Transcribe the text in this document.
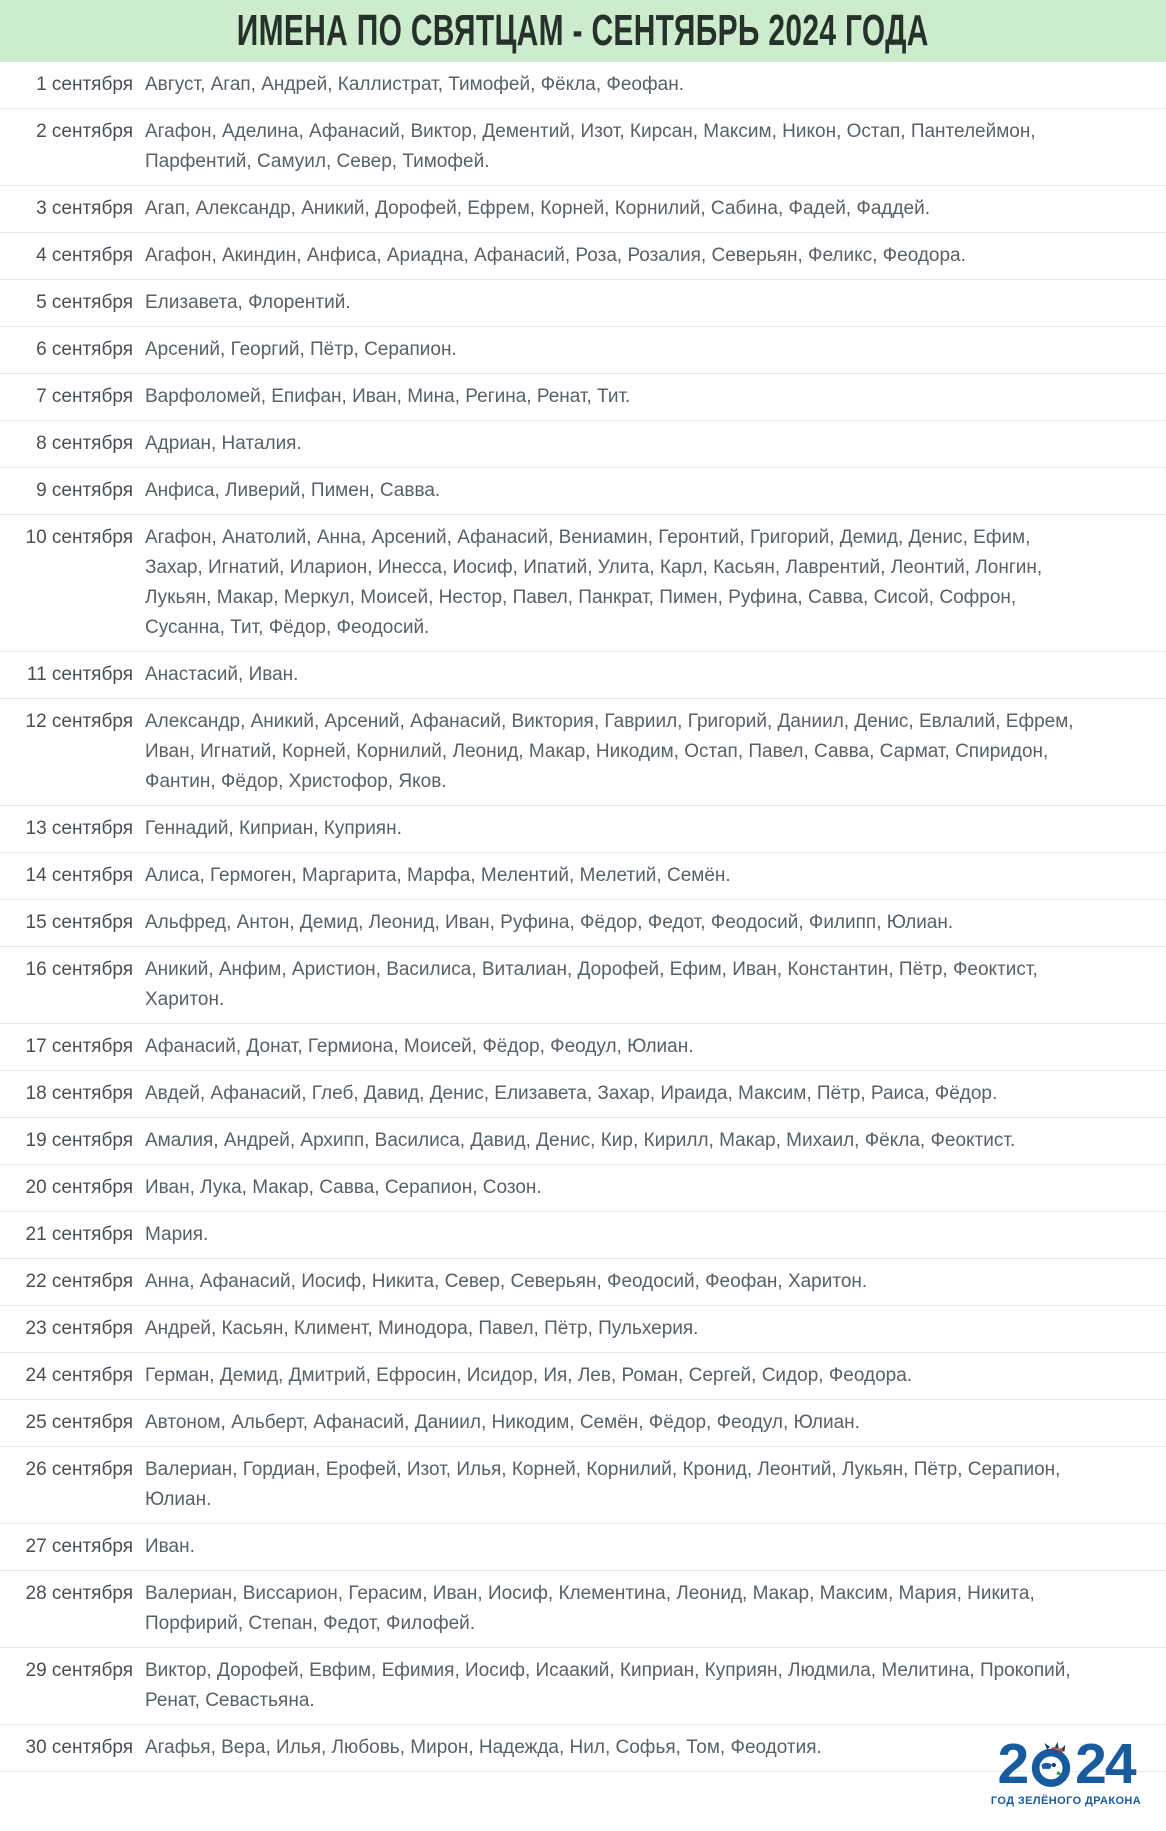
ИМЕНА ПО СВЯТЦАМ - СЕНТЯБРЬ 2024 ГОДА
1 сентября Август, Агап, Андрей, Каллистрат, Тимофей, Фёкла, Феофан.
2 сентября Агафон, Аделина, Афанасий, Виктор, Дементий, Изот, Кирсан, Максим, Никон, Остап, Пантелеймон, Парфентий, Самуил, Север, Тимофей.
3 сентября Агап, Александр, Аникий, Дорофей, Ефрем, Корней, Корнилий, Сабина, Фадей, Фаддей.
4 сентября Агафон, Акиндин, Анфиса, Ариадна, Афанасий, Роза, Розалия, Северьян, Феликс, Феодора.
5 сентября Елизавета, Флорентий.
6 сентября Арсений, Георгий, Пётр, Серапион.
7 сентября Варфоломей, Епифан, Иван, Мина, Регина, Ренат, Тит.
8 сентября Адриан, Наталия.
9 сентября Анфиса, Ливерий, Пимен, Савва.
10 сентября Агафон, Анатолий, Анна, Арсений, Афанасий, Вениамин, Геронтий, Григорий, Демид, Денис, Ефим, Захар, Игнатий, Иларион, Инесса, Иосиф, Ипатий, Улита, Карл, Касьян, Лаврентий, Леонтий, Лонгин, Лукьян, Макар, Меркул, Моисей, Нестор, Павел, Панкрат, Пимен, Руфина, Савва, Сисой, Софрон, Сусанна, Тит, Фёдор, Феодосий.
11 сентября Анастасий, Иван.
12 сентября Александр, Аникий, Арсений, Афанасий, Виктория, Гавриил, Григорий, Даниил, Денис, Евлалий, Ефрем, Иван, Игнатий, Корней, Корнилий, Леонид, Макар, Никодим, Остап, Павел, Савва, Сармат, Спиридон, Фантин, Фёдор, Христофор, Яков.
13 сентября Геннадий, Киприан, Куприян.
14 сентября Алиса, Гермоген, Маргарита, Марфа, Мелентий, Мелетий, Семён.
15 сентября Альфред, Антон, Демид, Леонид, Иван, Руфина, Фёдор, Федот, Феодосий, Филипп, Юлиан.
16 сентября Аникий, Анфим, Аристион, Василиса, Виталиан, Дорофей, Ефим, Иван, Константин, Пётр, Феоктист, Харитон.
17 сентября Афанасий, Донат, Гермиона, Моисей, Фёдор, Феодул, Юлиан.
18 сентября Авдей, Афанасий, Глеб, Давид, Денис, Елизавета, Захар, Ираида, Максим, Пётр, Раиса, Фёдор.
19 сентября Амалия, Андрей, Архипп, Василиса, Давид, Денис, Кир, Кирилл, Макар, Михаил, Фёкла, Феоктист.
20 сентября Иван, Лука, Макар, Савва, Серапион, Созон.
21 сентября Мария.
22 сентября Анна, Афанасий, Иосиф, Никита, Север, Северьян, Феодосий, Феофан, Харитон.
23 сентября Андрей, Касьян, Климент, Минодора, Павел, Пётр, Пульхерия.
24 сентября Герман, Демид, Дмитрий, Ефросин, Исидор, Ия, Лев, Роман, Сергей, Сидор, Феодора.
25 сентября Автоном, Альберт, Афанасий, Даниил, Никодим, Семён, Фёдор, Феодул, Юлиан.
26 сентября Валериан, Гордиан, Ерофей, Изот, Илья, Корней, Корнилий, Кронид, Леонтий, Лукьян, Пётр, Серапион, Юлиан.
27 сентября Иван.
28 сентября Валериан, Виссарион, Герасим, Иван, Иосиф, Клементина, Леонид, Макар, Максим, Мария, Никита, Порфирий, Степан, Федот, Филофей.
29 сентября Виктор, Дорофей, Евфим, Ефимия, Иосиф, Исаакий, Киприан, Куприян, Людмила, Мелитина, Прокопий, Ренат, Севастьяна.
30 сентября Агафья, Вера, Илья, Любовь, Мирон, Надежда, Нил, Софья, Том, Феодотия.	2 24
ГОД ЗЕЛЁНОГО ДРАКОНА
